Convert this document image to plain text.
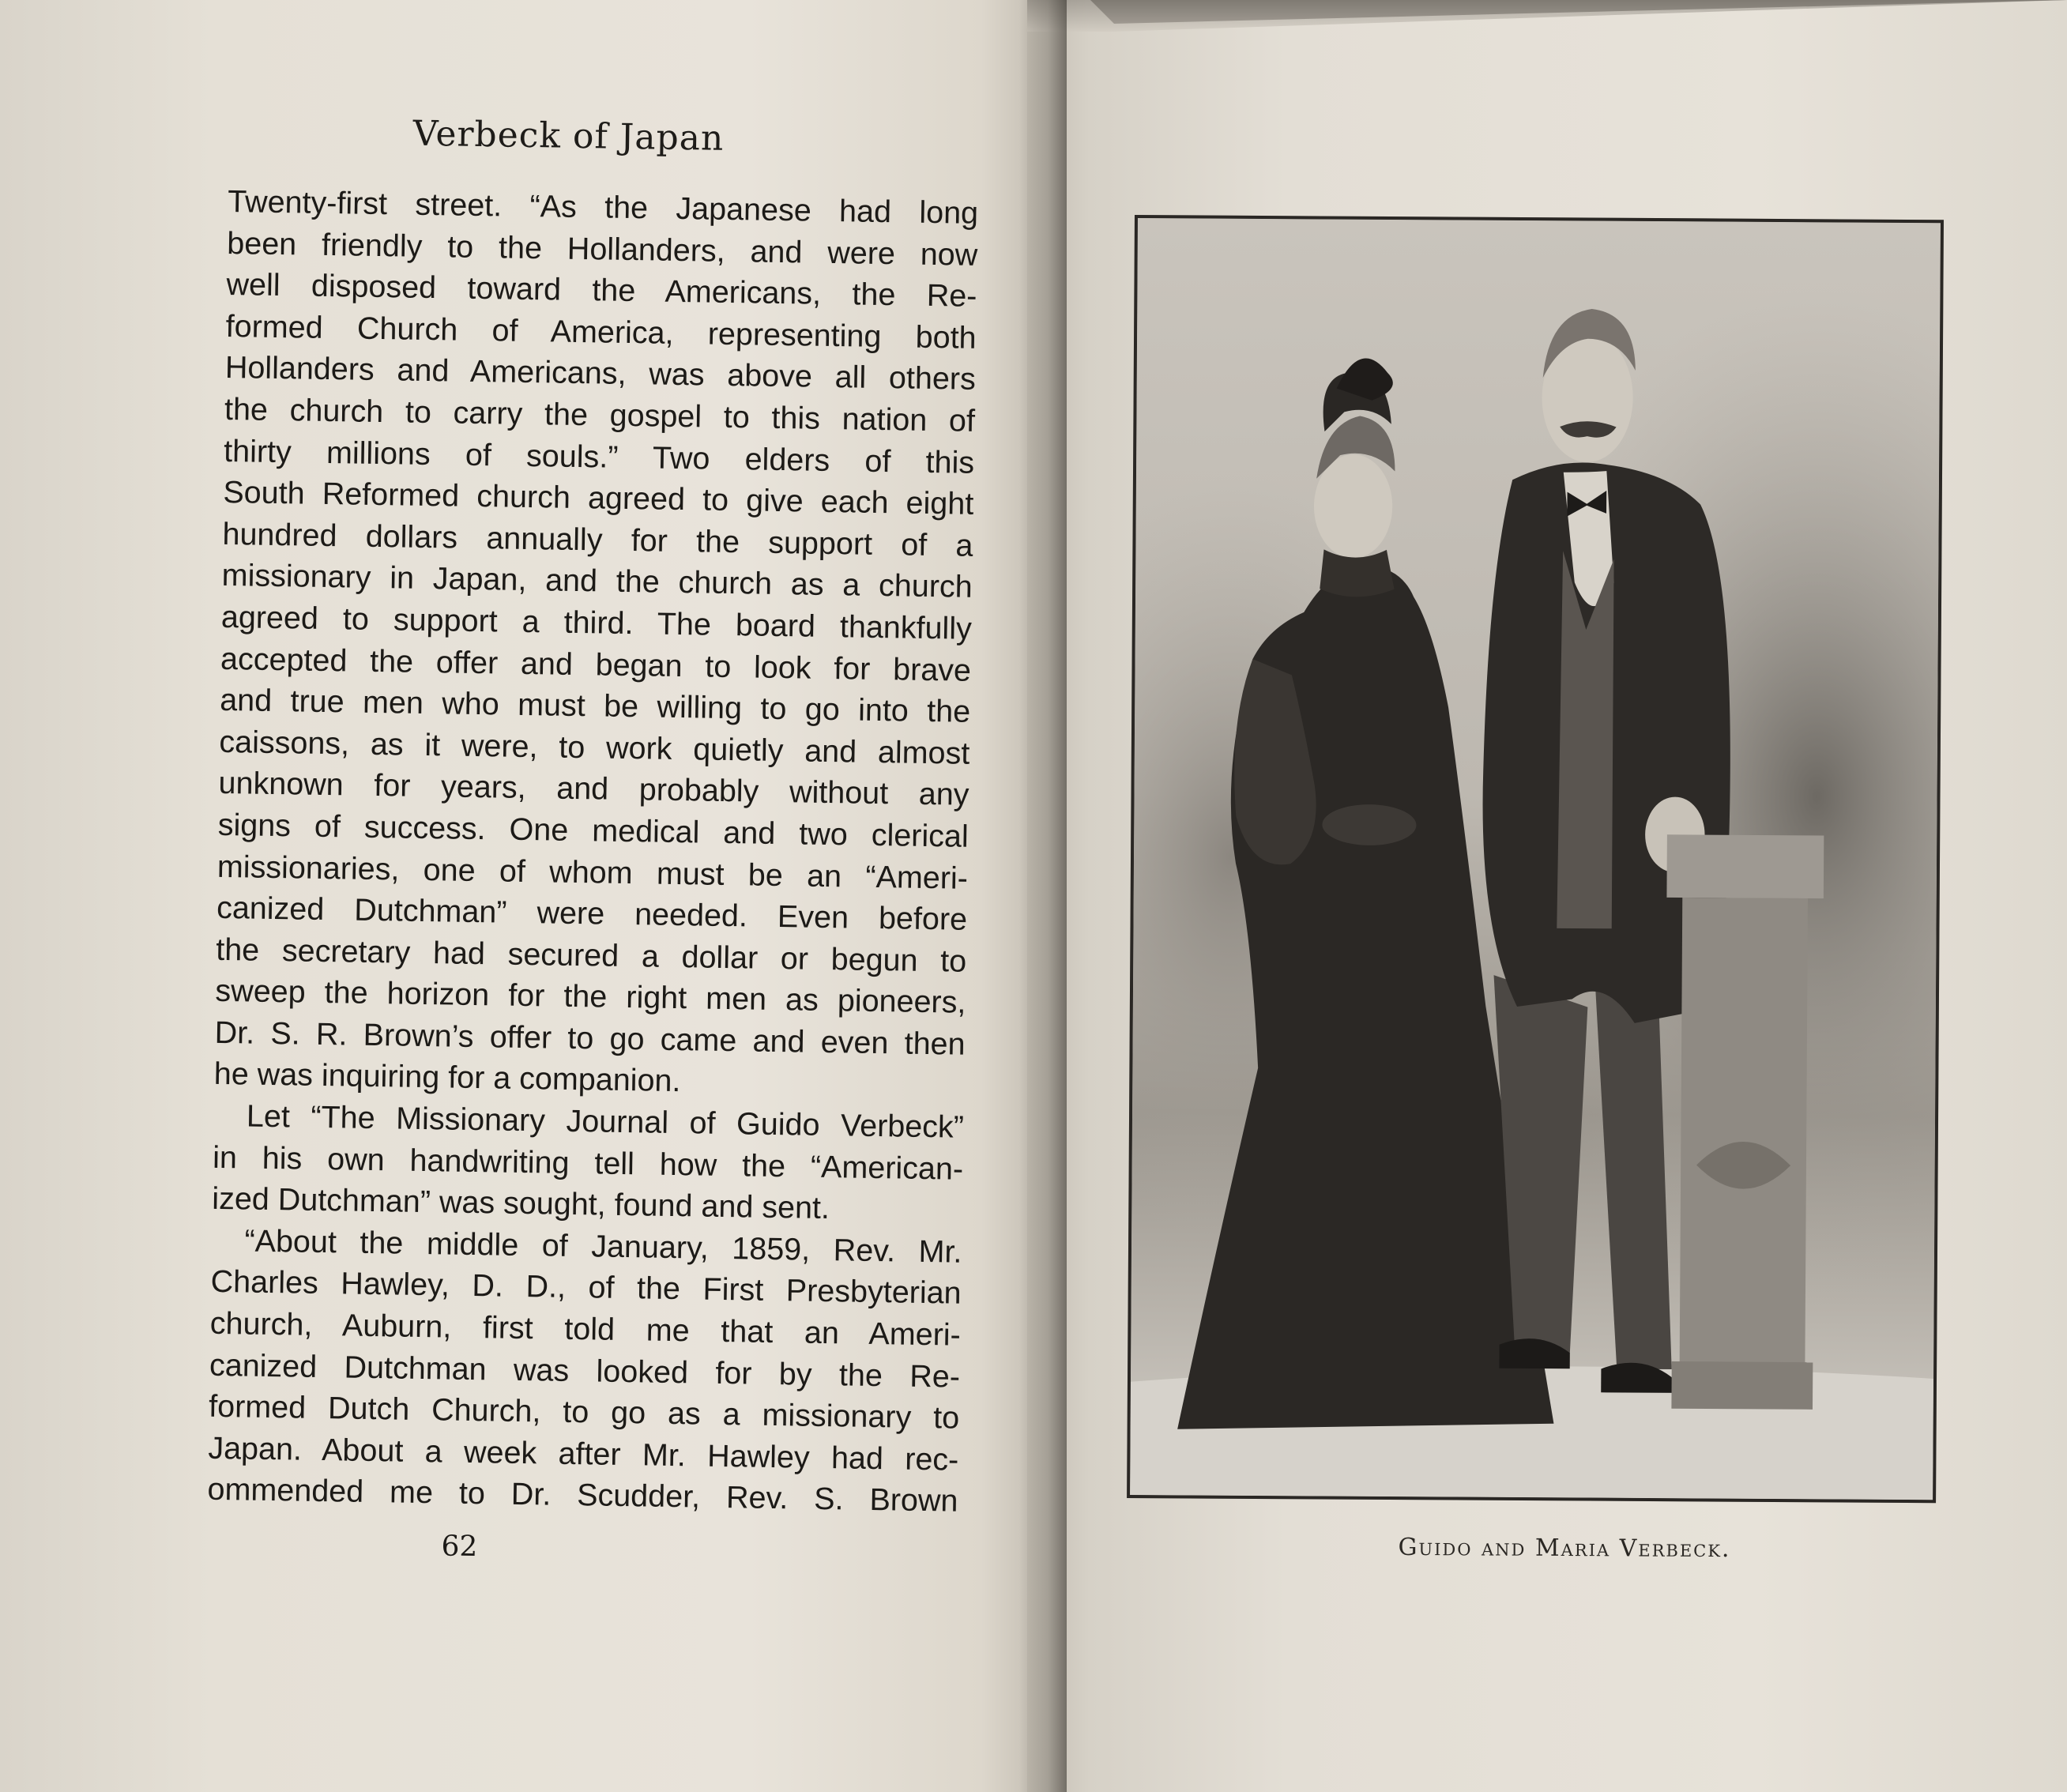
Verbeck of Japan
Twenty-first street. “As the Japanese had long
been friendly to the Hollanders, and were now
well disposed toward the Americans, the Re-
formed Church of America, representing both
Hollanders and Americans, was above all others
the church to carry the gospel to this nation of
thirty millions of souls.” Two elders of this
South Reformed church agreed to give each eight
hundred dollars annually for the support of a
missionary in Japan, and the church as a church
agreed to support a third. The board thankfully
accepted the offer and began to look for brave
and true men who must be willing to go into the
caissons, as it were, to work quietly and almost
unknown for years, and probably without any
signs of success. One medical and two clerical
missionaries, one of whom must be an “Ameri-
canized Dutchman” were needed. Even before
the secretary had secured a dollar or begun to
sweep the horizon for the right men as pioneers,
Dr. S. R. Brown’s offer to go came and even then
he was inquiring for a companion.
Let “The Missionary Journal of Guido Verbeck”
in his own handwriting tell how the “American-
ized Dutchman” was sought, found and sent.
“About the middle of January, 1859, Rev. Mr.
Charles Hawley, D. D., of the First Presbyterian
church, Auburn, first told me that an Ameri-
canized Dutchman was looked for by the Re-
formed Dutch Church, to go as a missionary to
Japan. About a week after Mr. Hawley had rec-
ommended me to Dr. Scudder, Rev. S. Brown
62	Guido and Maria Verbeck.
